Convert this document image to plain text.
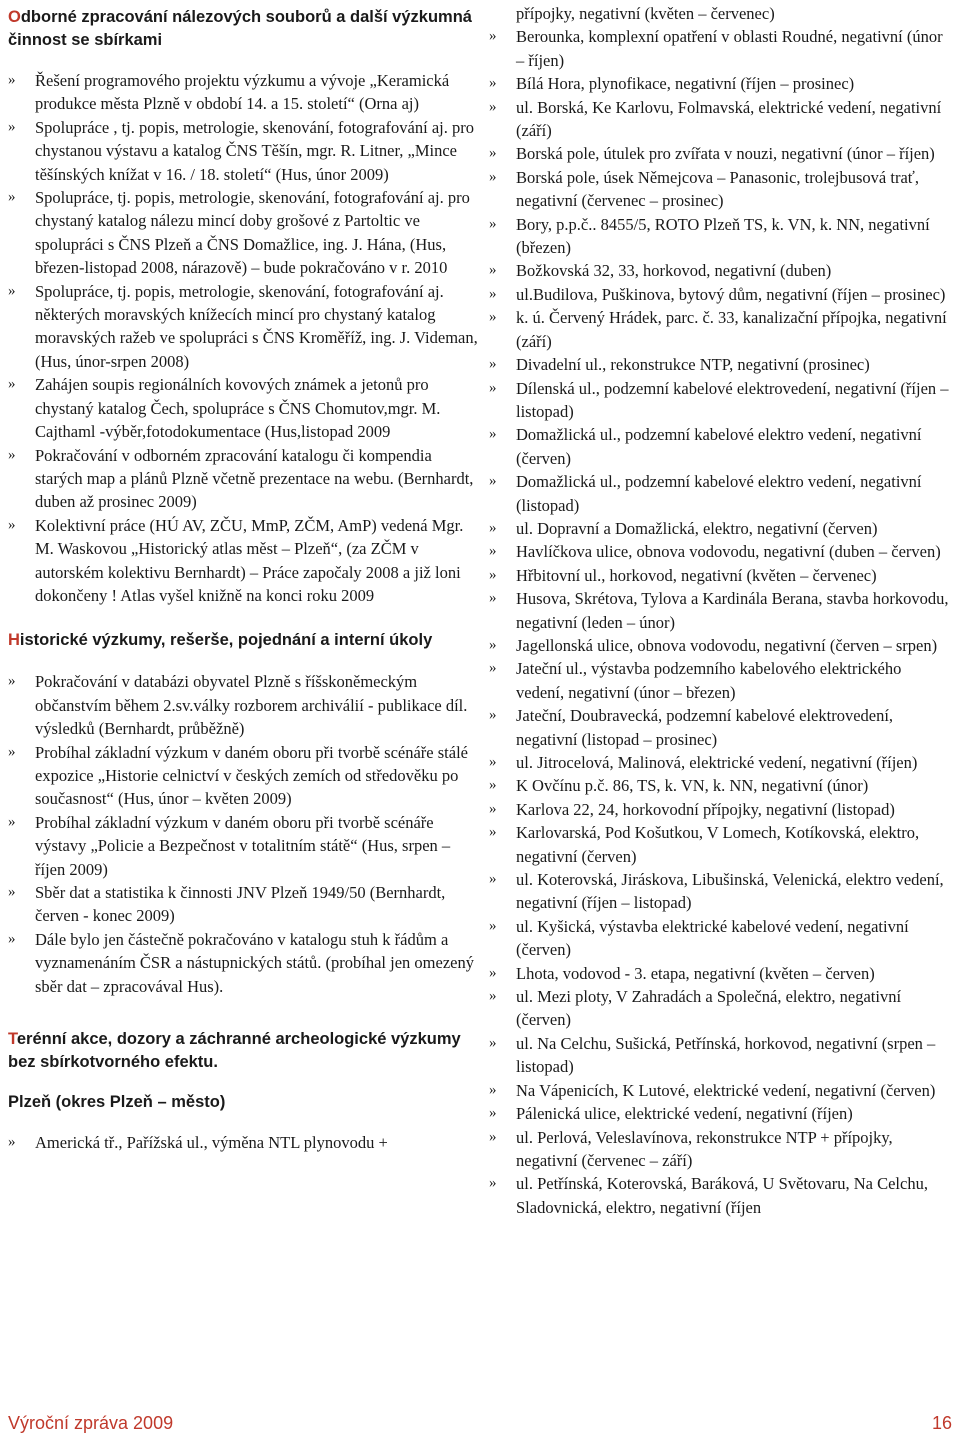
Odborné zpracování nálezových souborů a další výzkumná činnost se sbírkami
» Řešení programového projektu výzkumu a vývoje „Keramická produkce města Plzně v období 14. a 15. století“ (Orna aj)
» Spolupráce , tj. popis, metrologie, skenování, fotografování aj. pro chystanou výstavu a katalog ČNS Těšín, mgr. R. Litner, „Mince těšínských knížat v 16. / 18. století“ (Hus, únor 2009)
» Spolupráce, tj. popis, metrologie, skenování, fotografování aj. pro chystaný katalog nálezu mincí doby grošové z Partoltic ve spolupráci s ČNS Plzeň a ČNS Domažlice, ing. J. Hána, (Hus, březen-listopad 2008, nárazově) – bude pokračováno v r. 2010
» Spolupráce, tj. popis, metrologie, skenování, fotografování aj. některých moravských knížecích mincí pro chystaný katalog moravských ražeb ve spolupráci s ČNS Kroměříž, ing. J. Videman, (Hus, únor-srpen 2008)
» Zahájen soupis regionálních kovových známek a jetonů pro chystaný katalog Čech, spolupráce s ČNS Chomutov,mgr. M. Cajthaml -výběr,fotodokumentace (Hus,listopad 2009
» Pokračování v odborném zpracování katalogu či kompendia starých map a plánů Plzně včetně prezentace na webu. (Bernhardt, duben až prosinec 2009)
» Kolektivní práce (HÚ AV, ZČU, MmP, ZČM, AmP) vedená Mgr. M. Waskovou „Historický atlas měst – Plzeň“, (za ZČM v autorském kolektivu Bernhardt) – Práce započaly 2008 a již loni dokončeny ! Atlas vyšel knižně na konci roku 2009
Historické výzkumy, rešerše, pojednání a interní úkoly
» Pokračování v databázi obyvatel Plzně s říšskoněmeckým občanstvím během 2.sv.války rozborem archiválií - publikace díl. výsledků (Bernhardt, průběžně)
» Probíhal základní výzkum v daném oboru při tvorbě scénáře stálé expozice „Historie celnictví v českých zemích od středověku po současnost“ (Hus, únor – květen 2009)
» Probíhal základní výzkum v daném oboru při tvorbě scénáře výstavy „Policie a Bezpečnost v totalitním státě“ (Hus, srpen – říjen 2009)
» Sběr dat a statistika k činnosti JNV Plzeň 1949/50 (Bernhardt, červen - konec 2009)
» Dále bylo jen částečně pokračováno v katalogu stuh k řádům a vyznamenáním ČSR a nástupnických států. (probíhal jen omezený sběr dat – zpracovával Hus).
Terénní akce, dozory a záchranné archeologické výzkumy bez sbírkotvorného efektu.
Plzeň (okres Plzeň – město)
» Americká tř., Pařížská ul., výměna NTL plynovodu +
přípojky, negativní (květen – červenec)
» Berounka, komplexní opatření v oblasti Roudné, negativní (únor – říjen)
» Bílá Hora, plynofikace, negativní (říjen – prosinec)
» ul. Borská, Ke Karlovu, Folmavská, elektrické vedení, negativní (září)
» Borská pole, útulek pro zvířata v nouzi, negativní (únor – říjen)
» Borská pole, úsek Němejcova – Panasonic, trolejbusová trať, negativní (červenec – prosinec)
» Bory, p.p.č.. 8455/5, ROTO Plzeň TS, k. VN, k. NN, negativní (březen)
» Božkovská 32, 33, horkovod, negativní (duben)
» ul.Budilova, Puškinova, bytový dům, negativní (říjen – prosinec)
» k. ú. Červený Hrádek, parc. č. 33, kanalizační přípojka, negativní (září)
» Divadelní ul., rekonstrukce NTP, negativní (prosinec)
» Dílenská ul., podzemní kabelové elektrovedení, negativní (říjen – listopad)
» Domažlická ul., podzemní kabelové elektro vedení, negativní (červen)
» Domažlická ul., podzemní kabelové elektro vedení, negativní (listopad)
» ul. Dopravní a Domažlická, elektro, negativní (červen)
» Havlíčkova ulice, obnova vodovodu, negativní (duben – červen)
» Hřbitovní ul., horkovod, negativní (květen – červenec)
» Husova, Skrétova, Tylova a Kardinála Berana, stavba horkovodu, negativní (leden – únor)
» Jagellonská ulice, obnova vodovodu, negativní (červen – srpen)
» Jateční ul., výstavba podzemního kabelového elektrického vedení, negativní (únor – březen)
» Jateční, Doubravecká, podzemní kabelové elektrovedení, negativní (listopad – prosinec)
» ul. Jitrocelová, Malinová, elektrické vedení, negativní (říjen)
» K Ovčínu p.č. 86, TS, k. VN, k. NN, negativní (únor)
» Karlova 22, 24, horkovodní přípojky, negativní (listopad)
» Karlovarská, Pod Košutkou, V Lomech, Kotíkovská, elektro, negativní (červen)
» ul. Koterovská, Jiráskova, Libušinská, Velenická, elektro vedení, negativní (říjen – listopad)
» ul. Kyšická, výstavba elektrické kabelové vedení, negativní (červen)
» Lhota, vodovod - 3. etapa, negativní (květen – červen)
» ul. Mezi ploty, V Zahradách a Společná, elektro, negativní (červen)
» ul. Na Celchu, Sušická, Petřínská, horkovod, negativní (srpen – listopad)
» Na Vápenicích, K Lutové, elektrické vedení, negativní (červen)
» Pálenická ulice, elektrické vedení, negativní (říjen)
» ul. Perlová, Veleslavínova, rekonstrukce NTP + přípojky, negativní (červenec – září)
» ul. Petřínská, Koterovská, Baráková, U Světovaru, Na Celchu, Sladovnická, elektro, negativní (říjen
Výroční zpráva 2009	16
